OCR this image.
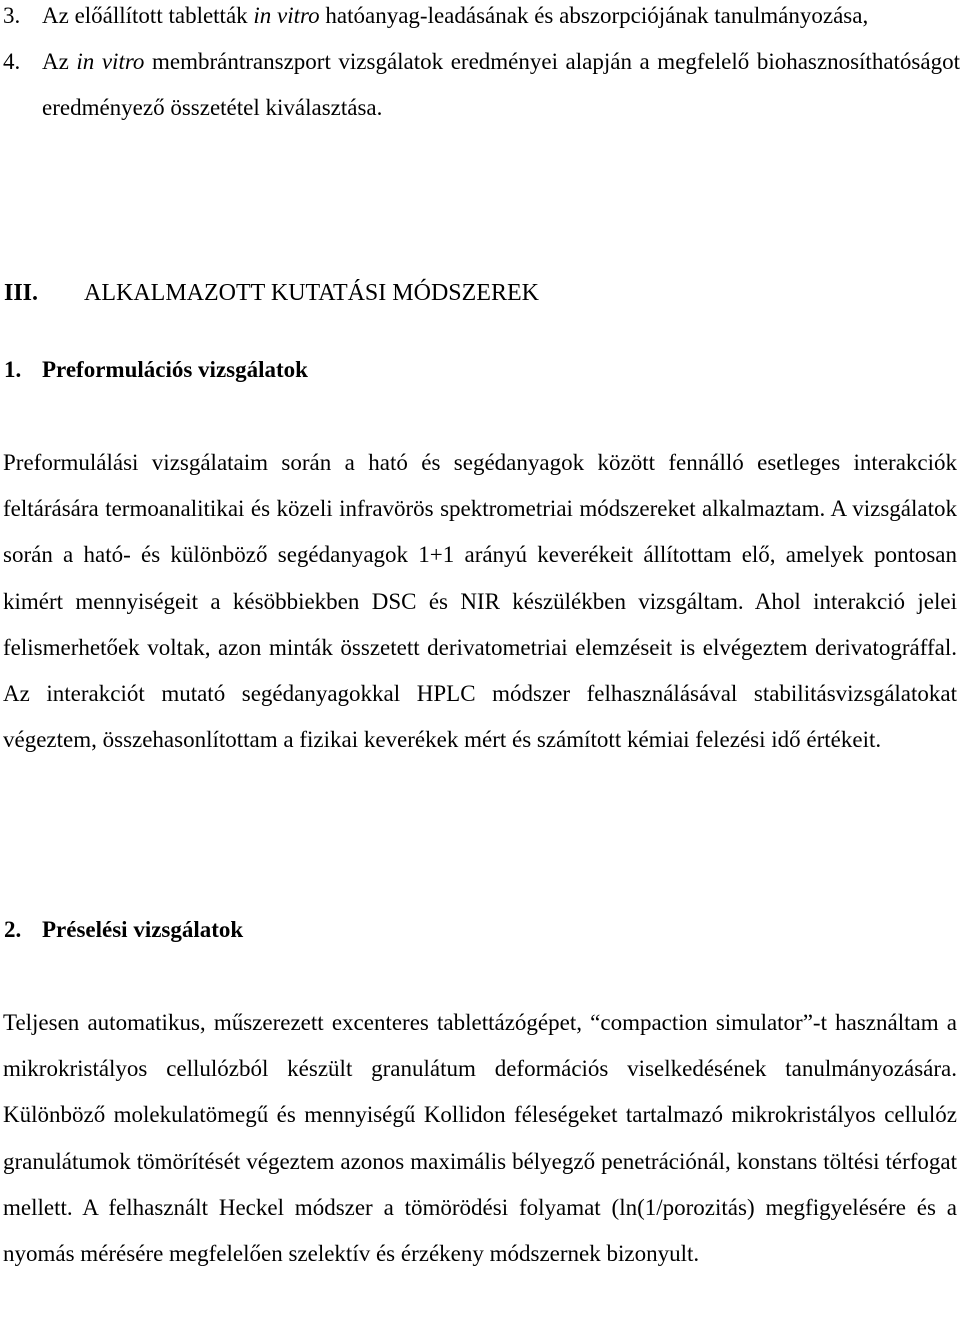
3. Az előállított tabletták in vitro hatóanyag-leadásának és abszorpciójának tanulmányozása,
4. Az in vitro membrántranszport vizsgálatok eredményei alapján a megfelelő biohasznosíthatóságot eredményező összetétel kiválasztása.
III. ALKALMAZOTT KUTATÁSI MÓDSZEREK
1. Preformulációs vizsgálatok

Preformulálási vizsgálataim során a ható és segédanyagok között fennálló esetleges interakciók feltárására termoanalitikai és közeli infravörös spektrometriai módszereket alkalmaztam. A vizsgálatok során a ható- és különböző segédanyagok 1+1 arányú keverékeit állítottam elő, amelyek pontosan kimért mennyiségeit a késöbbiekben DSC és NIR készülékben vizsgáltam. Ahol interakció jelei felismerhetőek voltak, azon minták összetett derivatometriai elemzéseit is elvégeztem derivatográffal. Az interakciót mutató segédanyagokkal HPLC módszer felhasználásával stabilitásvizsgálatokat végeztem, összehasonlítottam a fizikai keverékek mért és számított kémiai felezési idő értékeit.

2. Préselési vizsgálatok

Teljesen automatikus, műszerezett excenteres tablettázógépet, “compaction simulator”-t használtam a mikrokristályos cellulózból készült granulátum deformációs viselkedésének tanulmányozására. Különböző molekulatömegű és mennyiségű Kollidon féleségeket tartalmazó mikrokristályos cellulóz granulátumok tömörítését végeztem azonos maximális bélyegző penetrációnál, konstans töltési térfogat mellett. A felhasznált Heckel módszer a tömörödési folyamat (ln(1/porozitás) megfigyelésére és a nyomás mérésére megfelelően szelektív és érzékeny módszernek bizonyult.
